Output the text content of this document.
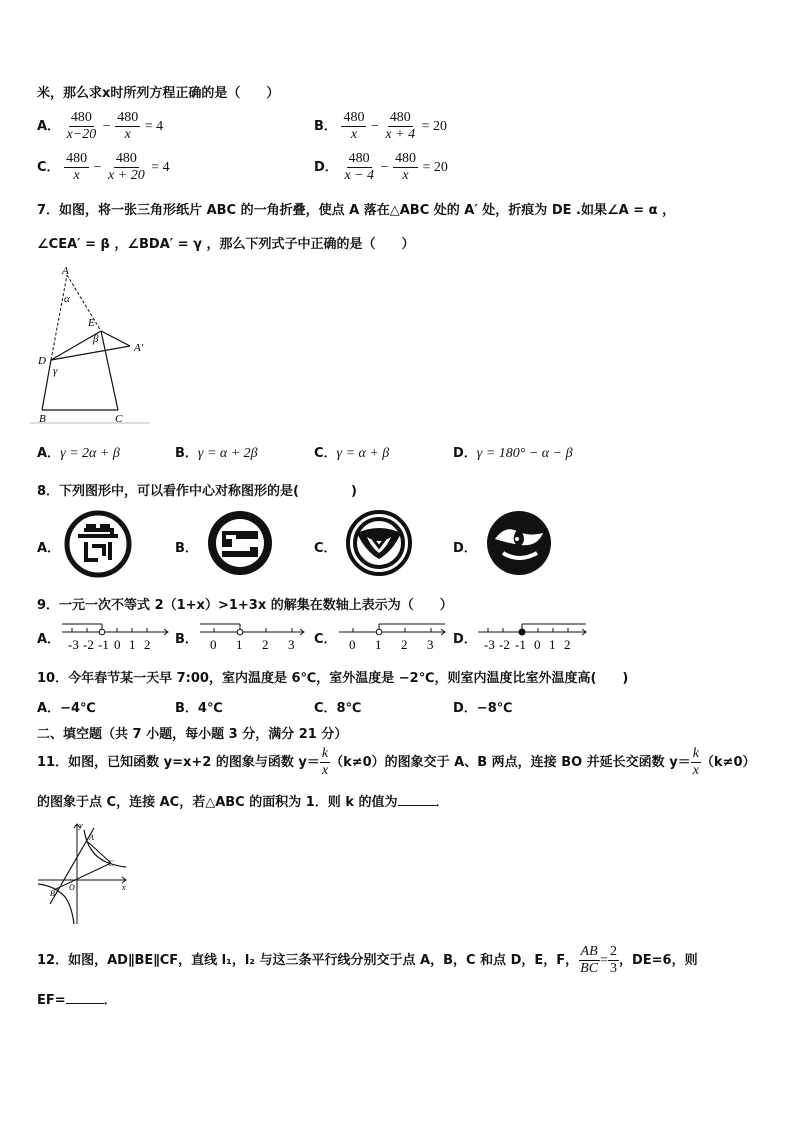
米，那么求x时所列方程正确的是（　　）
A． $\frac{480}{x-20} - \frac{480}{x} = 4$	B． $\frac{480}{x} - \frac{480}{x + 4} = 20$
C． $\frac{480}{x} - \frac{480}{x + 20} = 4$	D． $\frac{480}{x - 4} - \frac{480}{x} = 20$
7．如图，将一张三角形纸片 ABC 的一角折叠，使点 A 落在△ABC 处的 A′ 处，折痕为 DE .如果∠A = α ，
∠CEA′ = β ，∠BDA′ = γ ，那么下列式子中正确的是（　　）
A
α
E
β
A′
D
γ
B	C
A．γ = 2α + β	B．γ = α + 2β	C．γ = α + β	D．γ = 180° − α − β
8．下列图形中，可以看作中心对称图形的是(　　　　)
A．	B．	C．	D．
9．一元一次不等式 2（1+x）>1+3x 的解集在数轴上表示为（　　）
A． -3 -2 -1 0 1 2 B． 0 1 2 3 C． 0 1 2 3 D． -3 -2 -1 0 1 2
10．今年春节某一天早 7:00，室内温度是 6℃，室外温度是 −2℃，则室内温度比室外温度高(　　)
A．−4℃	B．4℃	C．8℃	D．−8℃
二、填空题（共 7 小题，每小题 3 分，满分 21 分）
11．如图，已知函数 y=x+2 的图象与函数 $y= \frac{k}{x} (k\ne 0)$的图象交于 A、B 两点，连接 BO 并延长交函数 $y= \frac{k}{x} (k\ne 0)$
的图象于点 C，连接 AC，若△ABC 的面积为 1．则 k 的值为	．
y
x
A
B
C
O
12．如图，AD∥BE∥CF，直线 l₁，l₂ 与这三条平行线分别交于点 A，B，C 和点 D，E，F， $\frac{AB}{BC} = \frac{2}{3}$ ，DE=6，则
EF=	．
